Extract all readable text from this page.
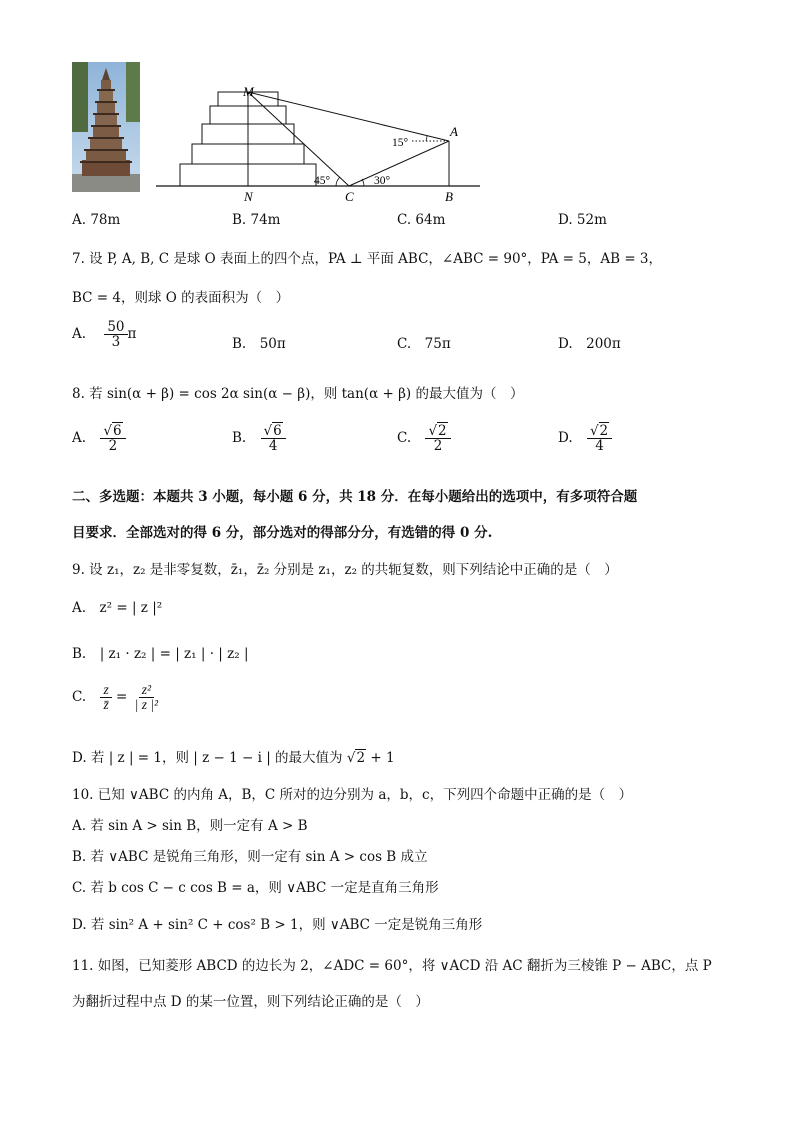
M
A
N	C	B
15°
45°	30°
A. 78m	B. 74m	C. 64m	D. 52m
7. 设 P, A, B, C 是球 O 表面上的四个点，PA ⊥ 平面 ABC，∠ABC = 90°，PA = 5，AB = 3，
BC = 4，则球 O 的表面积为（　）
A. $\frac{50}{3}$ π
B.　50π	C.　75π	D.　200π
8. 若 sin(α + β) = cos 2α sin(α − β)，则 tan(α + β) 的最大值为（　）
A. $\frac{√6}{2}$	B. $\frac{√6}{4}$	C. $\frac{√2}{2}$	D. $\frac{√2}{4}$
二、多选题：本题共 3 小题，每小题 6 分，共 18 分．在每小题给出的选项中，有多项符合题
目要求．全部选对的得 6 分，部分选对的得部分分，有选错的得 0 分.
9. 设 z₁，z₂ 是非零复数，z̄₁，z̄₂ 分别是 z₁，z₂ 的共轭复数，则下列结论中正确的是（　）
A.　z² = | z |²
B.　| z₁ · z₂ | = | z₁ | · | z₂ |
C. $\frac{z}{z̄} = \frac{\text{z²}}{\text{| z |²}}$
D. 若 | z | = 1，则 | z − 1 − i | 的最大值为 √2 + 1
10. 已知 ∨ABC 的内角 A，B，C 所对的边分别为 a，b，c，下列四个命题中正确的是（　）
A. 若 sin A > sin B，则一定有 A > B
B. 若 ∨ABC 是锐角三角形，则一定有 sin A > cos B 成立
C. 若 b cos C − c cos B = a，则 ∨ABC 一定是直角三角形
D. 若 sin² A + sin² C + cos² B > 1，则 ∨ABC 一定是锐角三角形
11. 如图，已知菱形 ABCD 的边长为 2，∠ADC = 60°，将 ∨ACD 沿 AC 翻折为三棱锥 P − ABC，点 P
为翻折过程中点 D 的某一位置，则下列结论正确的是（　）
